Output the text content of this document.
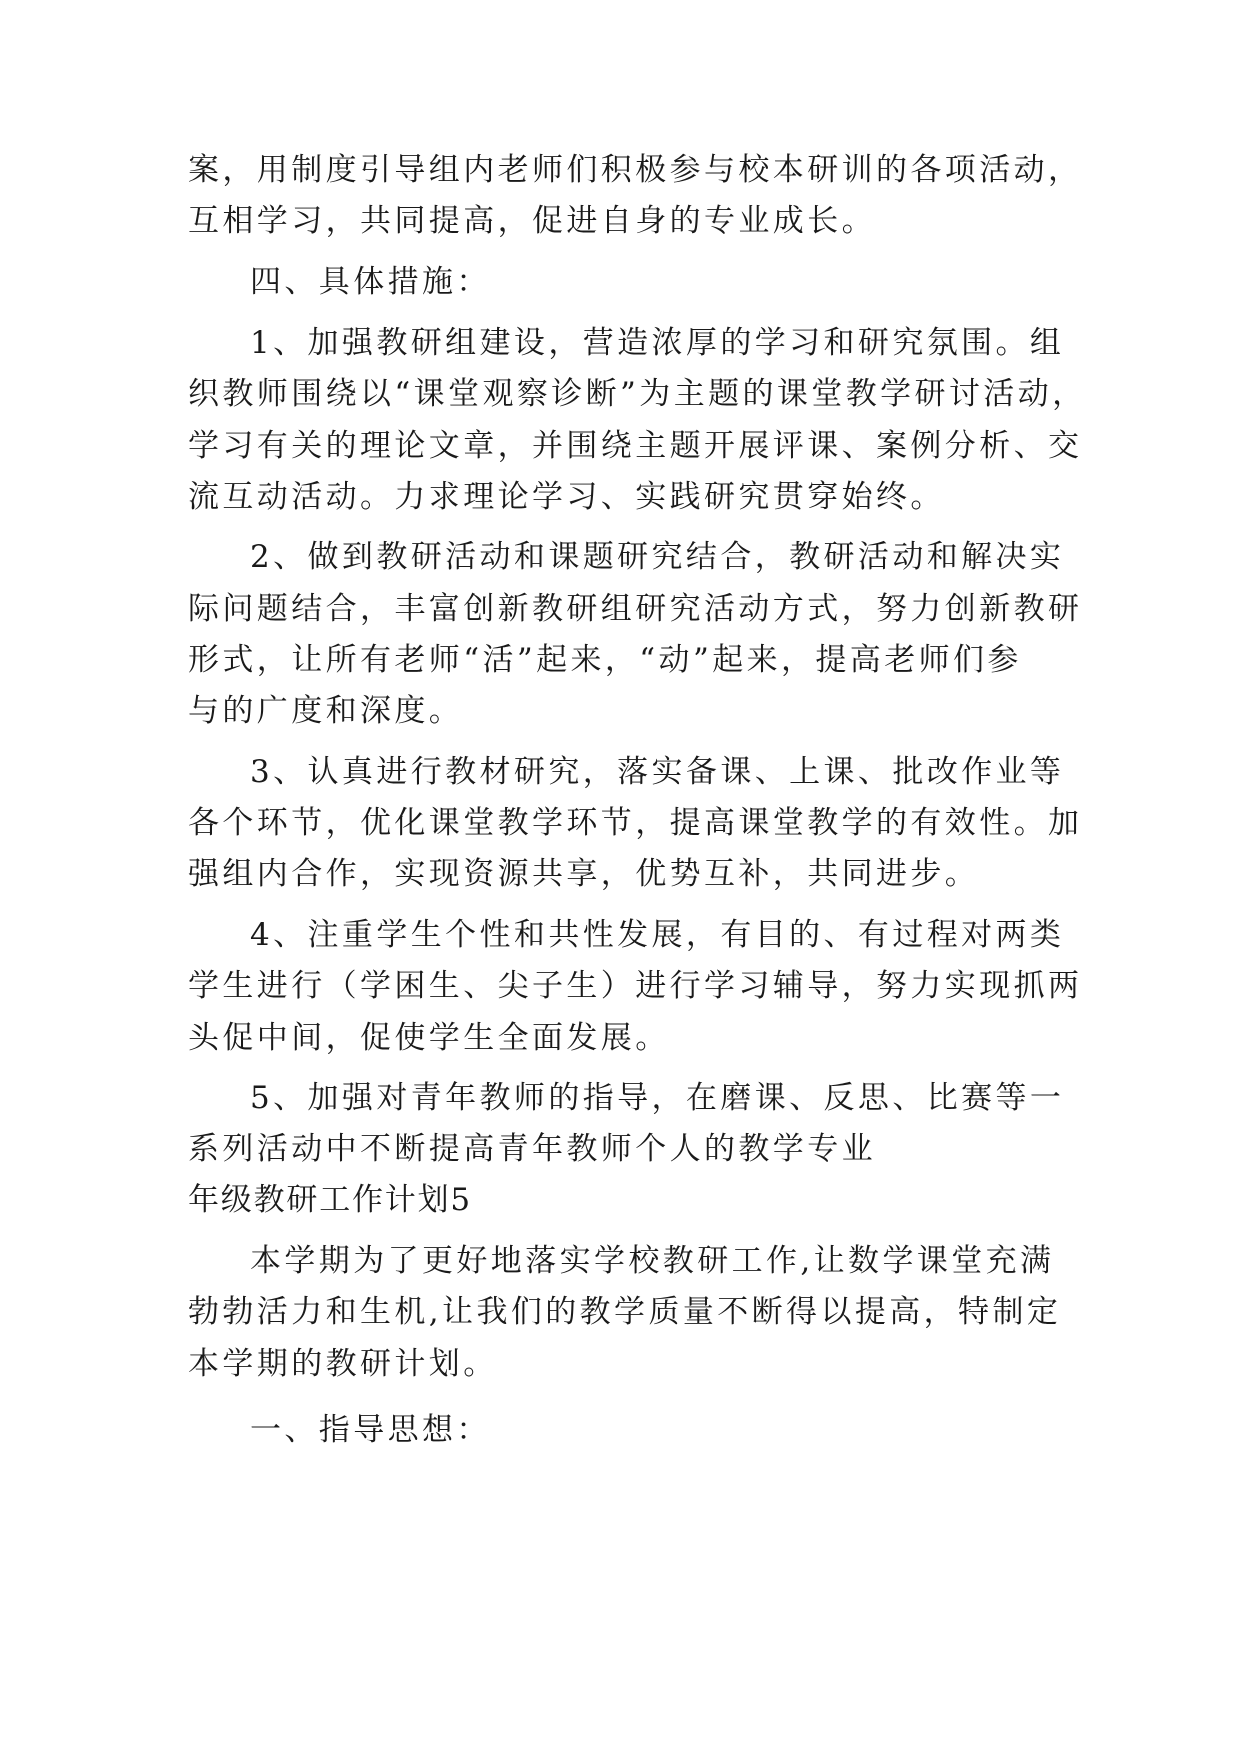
案，用制度引导组内老师们积极参与校本研训的各项活动，
互相学习，共同提高，促进自身的专业成长。
四、具体措施：
1、加强教研组建设，营造浓厚的学习和研究氛围。组
织教师围绕以“课堂观察诊断”为主题的课堂教学研讨活动，
学习有关的理论文章，并围绕主题开展评课、案例分析、交
流互动活动。力求理论学习、实践研究贯穿始终。
2、做到教研活动和课题研究结合，教研活动和解决实
际问题结合，丰富创新教研组研究活动方式，努力创新教研
形式，让所有老师“活”起来，“动”起来，提高老师们参
与的广度和深度。
3、认真进行教材研究，落实备课、上课、批改作业等
各个环节，优化课堂教学环节，提高课堂教学的有效性。加
强组内合作，实现资源共享，优势互补，共同进步。
4、注重学生个性和共性发展，有目的、有过程对两类
学生进行（学困生、尖子生）进行学习辅导，努力实现抓两
头促中间，促使学生全面发展。
5、加强对青年教师的指导，在磨课、反思、比赛等一
系列活动中不断提高青年教师个人的教学专业
年级教研工作计划5
本学期为了更好地落实学校教研工作,让数学课堂充满
勃勃活力和生机,让我们的教学质量不断得以提高，特制定
本学期的教研计划。
一、指导思想：
